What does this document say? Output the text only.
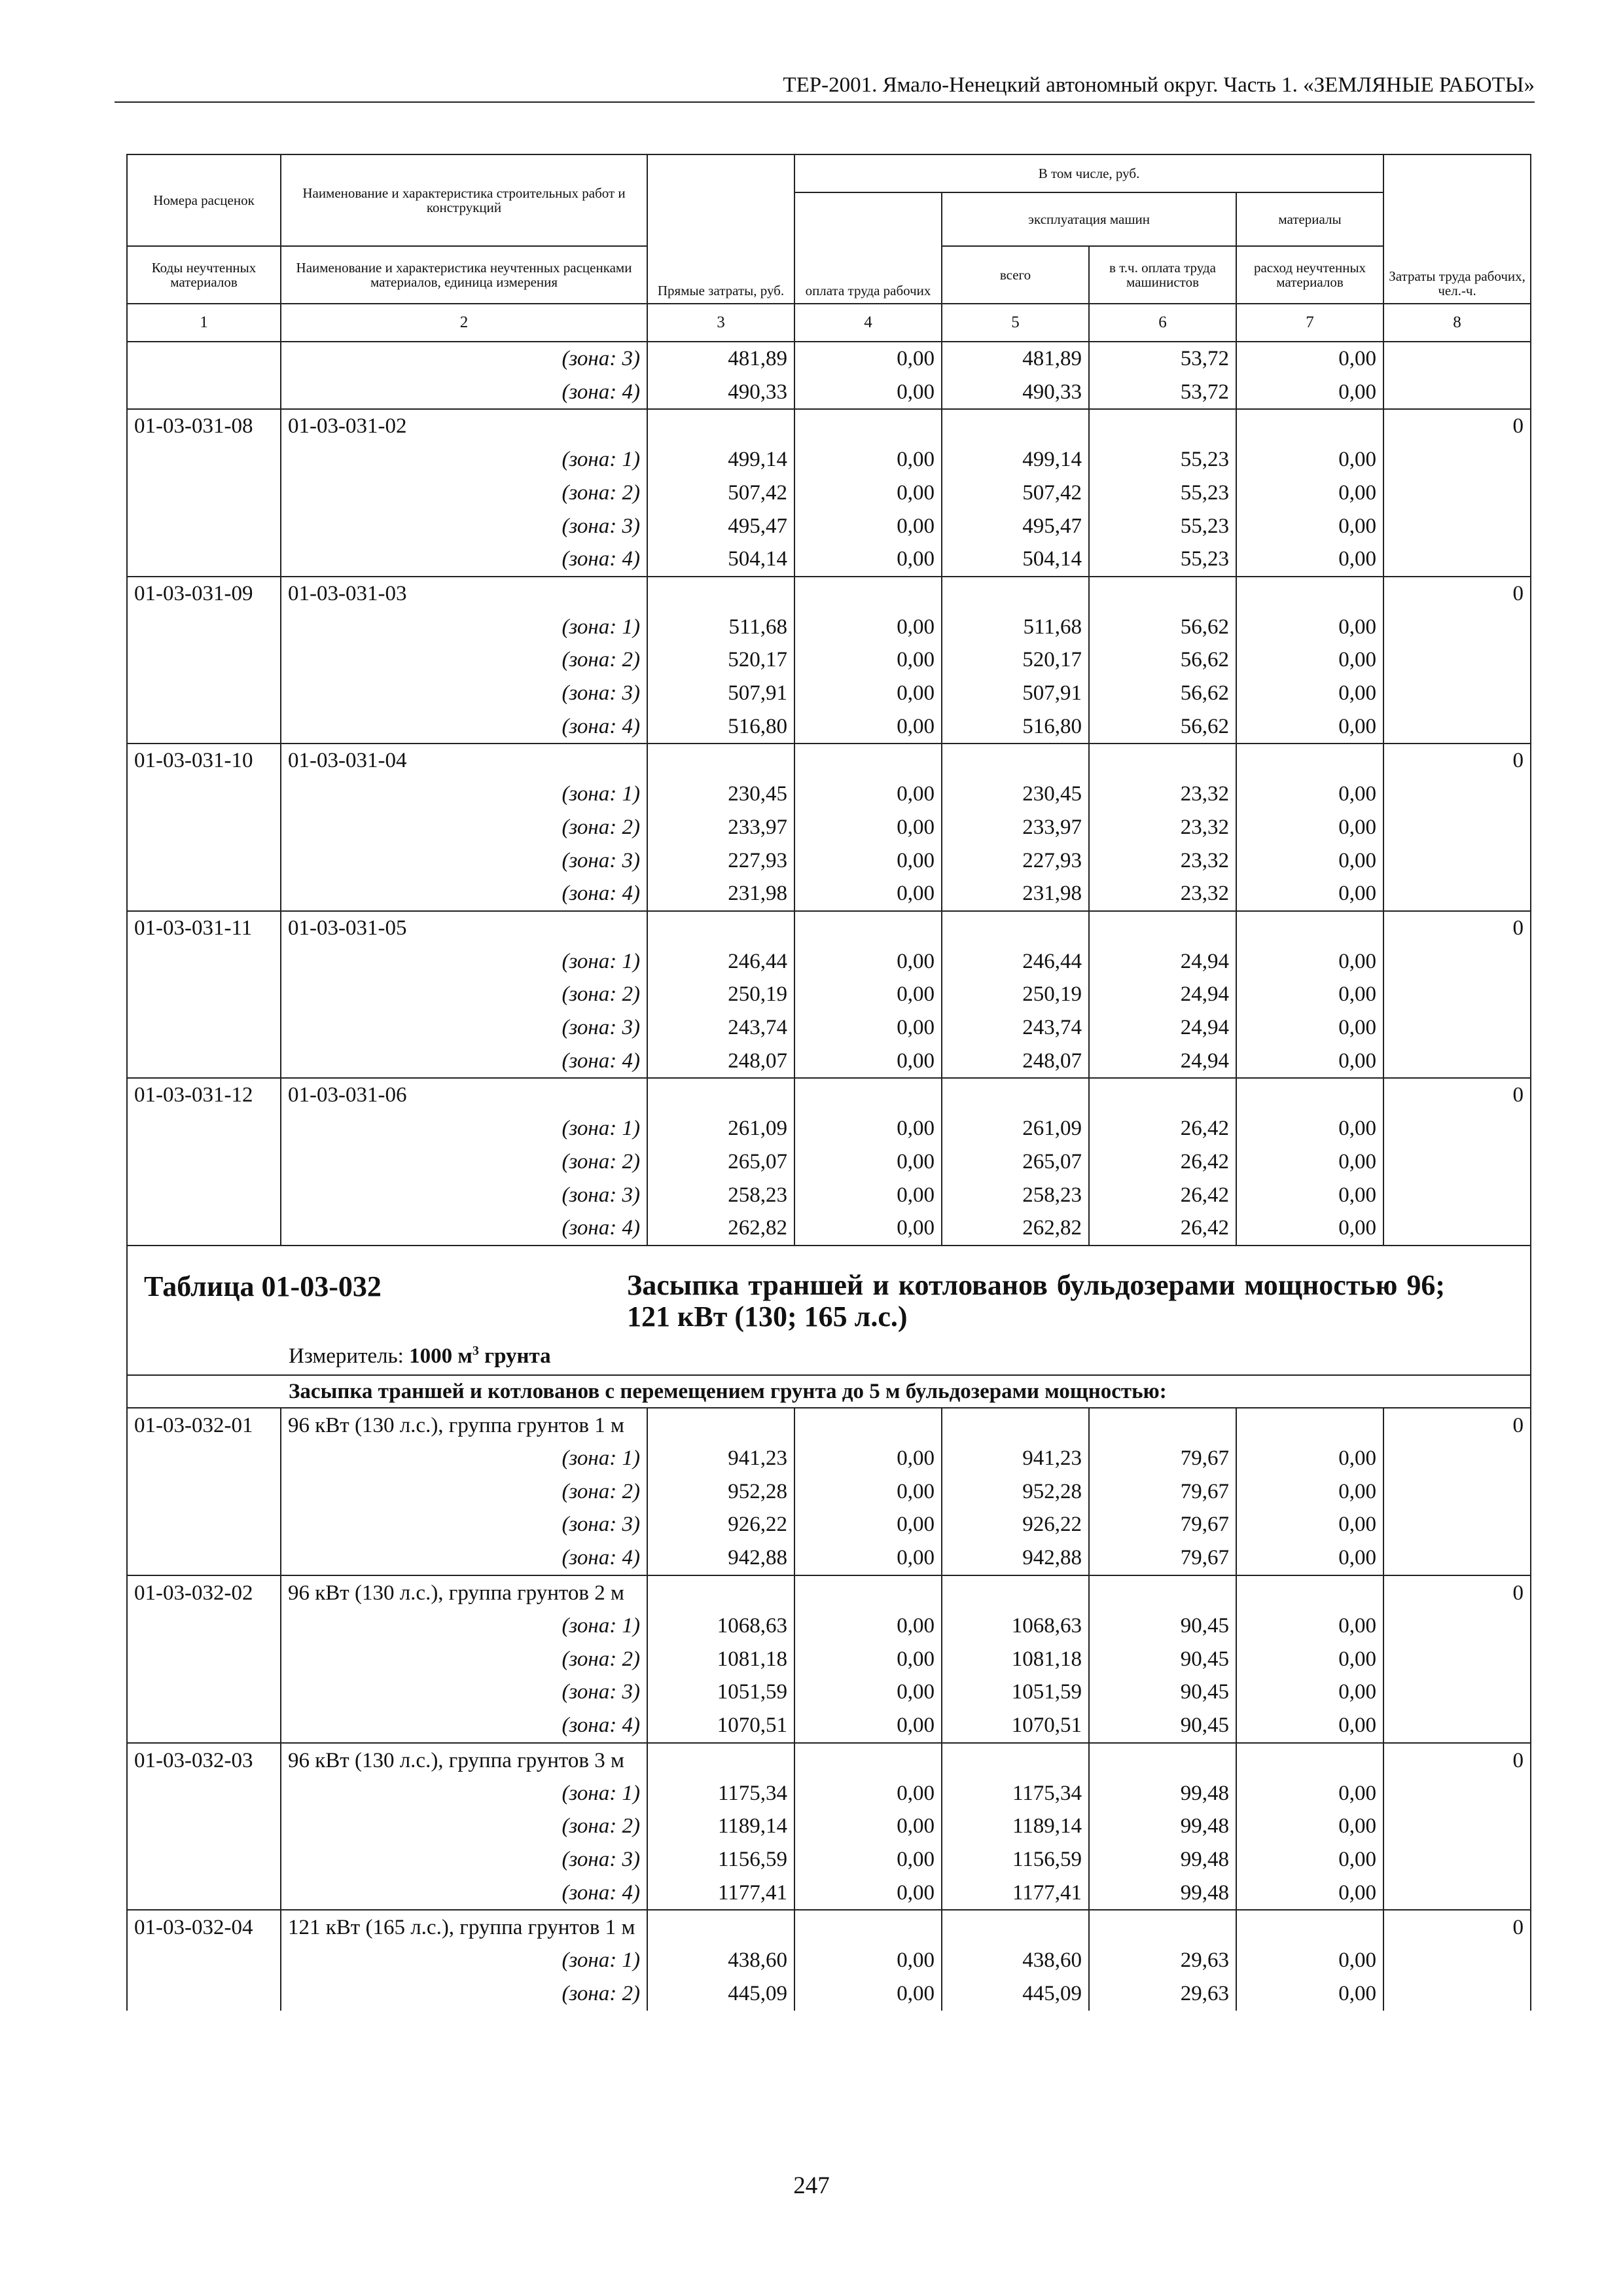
ТЕР-2001. Ямало-Ненецкий автономный округ. Часть 1. «ЗЕМЛЯНЫЕ РАБОТЫ»
Номера расценок	Наименование и характеристика строительных работ и конструкций	Прямые затраты, руб.	В том числе, руб.				Затраты труда рабочих, чел.-ч.
			оплата труда рабочих	эксплуатация машин		материалы	
Коды неучтенных материалов	Наименование и характеристика неучтенных расценками материалов, единица измерения			всего	в т.ч. оплата труда машинистов	расход неучтенных материалов	
1	2	3	4	5	6	7	8
	(зона: 3)	481,89	0,00	481,89	53,72	0,00	
	(зона: 4)	490,33	0,00	490,33	53,72	0,00	
01-03-031-08	01-03-031-02						0
	(зона: 1)	499,14	0,00	499,14	55,23	0,00	
	(зона: 2)	507,42	0,00	507,42	55,23	0,00	
	(зона: 3)	495,47	0,00	495,47	55,23	0,00	
	(зона: 4)	504,14	0,00	504,14	55,23	0,00	
01-03-031-09	01-03-031-03						0
	(зона: 1)	511,68	0,00	511,68	56,62	0,00	
	(зона: 2)	520,17	0,00	520,17	56,62	0,00	
	(зона: 3)	507,91	0,00	507,91	56,62	0,00	
	(зона: 4)	516,80	0,00	516,80	56,62	0,00	
01-03-031-10	01-03-031-04						0
	(зона: 1)	230,45	0,00	230,45	23,32	0,00	
	(зона: 2)	233,97	0,00	233,97	23,32	0,00	
	(зона: 3)	227,93	0,00	227,93	23,32	0,00	
	(зона: 4)	231,98	0,00	231,98	23,32	0,00	
01-03-031-11	01-03-031-05						0
	(зона: 1)	246,44	0,00	246,44	24,94	0,00	
	(зона: 2)	250,19	0,00	250,19	24,94	0,00	
	(зона: 3)	243,74	0,00	243,74	24,94	0,00	
	(зона: 4)	248,07	0,00	248,07	24,94	0,00	
01-03-031-12	01-03-031-06						0
	(зона: 1)	261,09	0,00	261,09	26,42	0,00	
	(зона: 2)	265,07	0,00	265,07	26,42	0,00	
	(зона: 3)	258,23	0,00	258,23	26,42	0,00	
	(зона: 4)	262,82	0,00	262,82	26,42	0,00	

Таблица 01-03-032 Засыпка траншей и котлованов бульдозерами мощностью 96; 121 кВт (130; 165 л.с.)							

Измеритель: 1000 $м^3$ грунта							
Засыпка траншей и котлованов с перемещением грунта до 5 м бульдозерами мощностью:							
01-03-032-01	96 кВт (130 л.с.), группа грунтов 1 м						0
	(зона: 1)	941,23	0,00	941,23	79,67	0,00	
	(зона: 2)	952,28	0,00	952,28	79,67	0,00	
	(зона: 3)	926,22	0,00	926,22	79,67	0,00	
	(зона: 4)	942,88	0,00	942,88	79,67	0,00	
01-03-032-02	96 кВт (130 л.с.), группа грунтов 2 м						0
	(зона: 1)	1068,63	0,00	1068,63	90,45	0,00	
	(зона: 2)	1081,18	0,00	1081,18	90,45	0,00	
	(зона: 3)	1051,59	0,00	1051,59	90,45	0,00	
	(зона: 4)	1070,51	0,00	1070,51	90,45	0,00	
01-03-032-03	96 кВт (130 л.с.), группа грунтов 3 м						0
	(зона: 1)	1175,34	0,00	1175,34	99,48	0,00	
	(зона: 2)	1189,14	0,00	1189,14	99,48	0,00	
	(зона: 3)	1156,59	0,00	1156,59	99,48	0,00	
	(зона: 4)	1177,41	0,00	1177,41	99,48	0,00	
01-03-032-04	121 кВт (165 л.с.), группа грунтов 1 м						0
	(зона: 1)	438,60	0,00	438,60	29,63	0,00	
	(зона: 2)	445,09	0,00	445,09	29,63	0,00	
247
